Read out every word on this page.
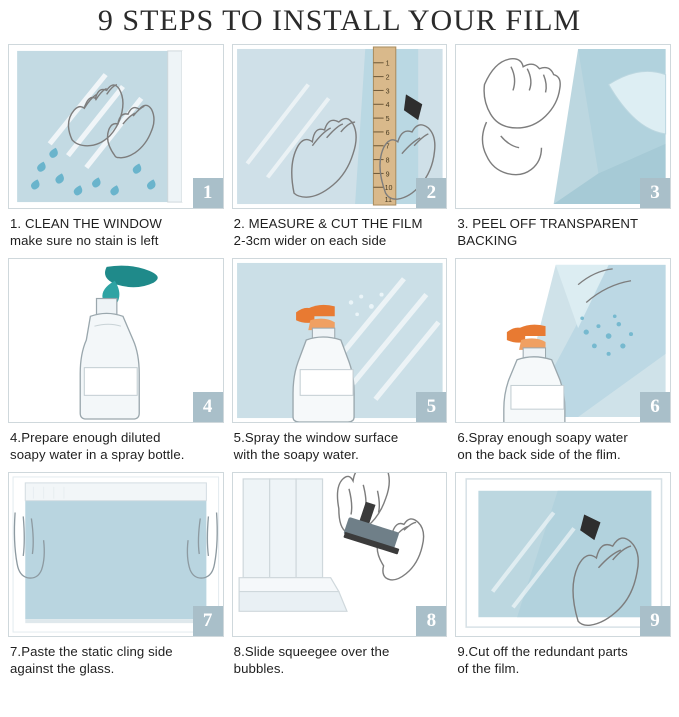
9 STEPS TO INSTALL YOUR FILM
1
1. CLEAN THE WINDOW
make sure no stain is left
1
2
3
4
5
6
7
8
9
10
11	2
2. MEASURE & CUT THE FILM
2-3cm wider on each side
3
3. PEEL OFF TRANSPARENT
BACKING
4
4.Prepare enough diluted
soapy water in a spray bottle.
5
5.Spray the window surface
with the soapy water.
6
6.Spray enough soapy water
on the back side of the flim.
7
7.Paste the static cling side
against the glass.
8
8.Slide squeegee over the
bubbles.
9
9.Cut off the redundant parts
of the film.
